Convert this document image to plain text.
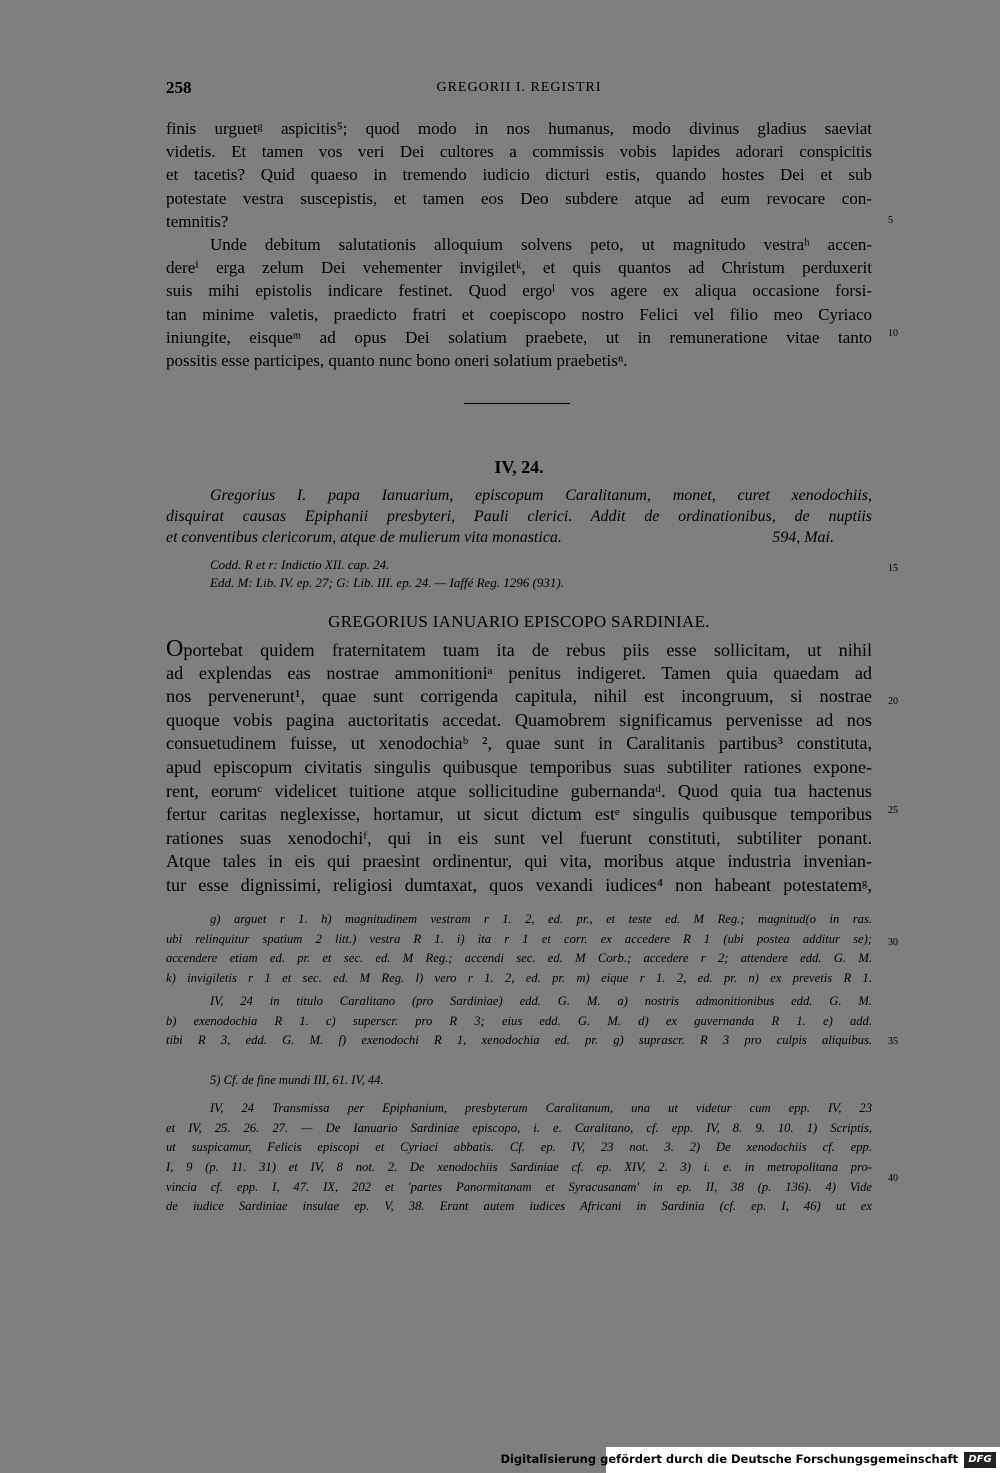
258	GREGORII I. REGISTRI
finis urguetᵍ aspicitis⁵; quod modo in nos humanus, modo divinus gladius saeviat
videtis. Et tamen vos veri Dei cultores a commissis vobis lapides adorari conspicitis
et tacetis? Quid quaeso in tremendo iudicio dicturi estis, quando hostes Dei et sub
potestate vestra suscepistis, et tamen eos Deo subdere atque ad eum revocare con-
temnitis?
Unde debitum salutationis alloquium solvens peto, ut magnitudo vestraʰ accen-
dereⁱ erga zelum Dei vehementer invigiletᵏ, et quis quantos ad Christum perduxerit
suis mihi epistolis indicare festinet. Quod ergoˡ vos agere ex aliqua occasione forsi-
tan minime valetis, praedicto fratri et coepiscopo nostro Felici vel filio meo Cyriaco
iniungite, eisqueᵐ ad opus Dei solatium praebete, ut in remuneratione vitae tanto
possitis esse participes, quanto nunc bono oneri solatium praebetisⁿ.
IV, 24.
Gregorius I. papa Ianuarium, episcopum Caralitanum, monet, curet xenodochiis,
disquirat causas Epiphanii presbyteri, Pauli clerici. Addit de ordinationibus, de nuptiis
et conventibus clericorum, atque de mulierum vita monastica.	594, Mai.
Codd. R et r: Indictio XII. cap. 24.
Edd. M: Lib. IV. ep. 27; G: Lib. III. ep. 24. — Iaffé Reg. 1296 (931).
GREGORIUS IANUARIO EPISCOPO SARDINIAE.
Oportebat quidem fraternitatem tuam ita de rebus piis esse sollicitam, ut nihil
ad explendas eas nostrae ammonitioniᵃ penitus indigeret. Tamen quia quaedam ad
nos pervenerunt¹, quae sunt corrigenda capitula, nihil est incongruum, si nostrae
quoque vobis pagina auctoritatis accedat. Quamobrem significamus pervenisse ad nos
consuetudinem fuisse, ut xenodochiaᵇ ², quae sunt in Caralitanis partibus³ constituta,
apud episcopum civitatis singulis quibusque temporibus suas subtiliter rationes expone-
rent, eorumᶜ videlicet tuitione atque sollicitudine gubernandaᵈ. Quod quia tua hactenus
fertur caritas neglexisse, hortamur, ut sicut dictum estᵉ singulis quibusque temporibus
rationes suas xenodochiᶠ, qui in eis sunt vel fuerunt constituti, subtiliter ponant.
Atque tales in eis qui praesint ordinentur, qui vita, moribus atque industria invenian-
tur esse dignissimi, religiosi dumtaxat, quos vexandi iudices⁴ non habeant potestatemᵍ,
g) arguet r 1. h) magnitudinem vestram r 1. 2, ed. pr., et teste ed. M Reg.; magnitud(o in ras.
ubi relinquitur spatium 2 litt.) vestra R 1. i) ita r 1 et corr. ex accedere R 1 (ubi postea additur se);
accendere etiam ed. pr. et sec. ed. M Reg.; accendi sec. ed. M Corb.; accedere r 2; attendere edd. G. M.
k) invigiletis r 1 et sec. ed. M Reg. l) vero r 1. 2, ed. pr. m) eique r 1. 2, ed. pr. n) ex prevetis R 1.
IV, 24 in titulo Caralitano (pro Sardiniae) edd. G. M. a) nostris admonitionibus edd. G. M.
b) exenodochia R 1. c) superscr. pro R 3; eius edd. G. M. d) ex guvernanda R 1. e) add.
tibi R 3, edd. G. M. f) exenodochi R 1, xenodochia ed. pr. g) suprascr. R 3 pro culpis aliquibus.
5) Cf. de fine mundi III, 61. IV, 44.
IV, 24 Transmissa per Epiphanium, presbyterum Caralitanum, una ut videtur cum epp. IV, 23
et IV, 25. 26. 27. — De Ianuario Sardiniae episcopo, i. e. Caralitano, cf. epp. IV, 8. 9. 10. 1) Scriptis,
ut suspicamur, Felicis episcopi et Cyriaci abbatis. Cf. ep. IV, 23 not. 3. 2) De xenodochiis cf. epp.
I, 9 (p. 11. 31) et IV, 8 not. 2. De xenodochiis Sardiniae cf. ep. XIV, 2. 3) i. e. in metropolitana pro-
vincia cf. epp. I, 47. IX, 202 et 'partes Panormitanam et Syracusanam' in ep. II, 38 (p. 136). 4) Vide
de iudice Sardiniae insulae ep. V, 38. Erant autem iudices Africani in Sardinia (cf. ep. I, 46) ut ex
5
10
15
20
25
30
35
40
Digitalisierung gefördert durch die Deutsche Forschungsgemeinschaft	DFG
